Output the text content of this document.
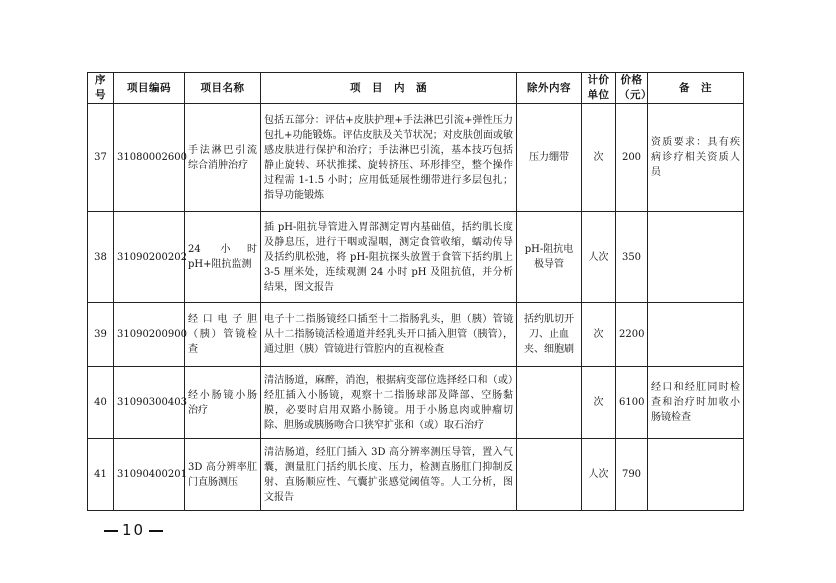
序号	项目编码	项目名称	项　目　内　涵	除外内容	计价单位	价格（元）	备　注
37	31080002600	手法淋巴引流综合消肿治疗	包括五部分：评估+皮肤护理+手法淋巴引流+弹性压力包扎+功能锻炼。评估皮肤及关节状况；对皮肤创面或敏感皮肤进行保护和治疗；手法淋巴引流，基本技巧包括静止旋转、环状推揉、旋转挤压、环形排空，整个操作过程需 1-1.5 小时；应用低延展性绷带进行多层包扎；指导功能锻炼	压力绷带	次	200	资质要求：具有疾病诊疗相关资质人员
38	31090200202	24 小时 pH+阻抗监测	插 pH-阻抗导管进入胃部测定胃内基础值，括约肌长度及静息压，进行干咽或湿咽，测定食管收缩，蠕动传导及括约肌松弛，将 pH-阻抗探头放置于食管下括约肌上 3-5 厘米处，连续观测 24 小时 pH 及阻抗值，并分析结果，图文报告	pH-阻抗电极导管	人次	350	
39	31090200900	经口电子胆（胰）管镜检查	电子十二指肠镜经口插至十二指肠乳头，胆（胰）管镜从十二指肠镜活检通道并经乳头开口插入胆管（胰管），通过胆（胰）管镜进行管腔内的直视检查	括约肌切开刀、止血夹、细胞刷	次	2200	
40	31090300403	经小肠镜小肠治疗	清洁肠道，麻醉，消泡，根据病变部位选择经口和（或）经肛插入小肠镜，观察十二指肠球部及降部、空肠黏膜，必要时启用双路小肠镜。用于小肠息肉或肿瘤切除、胆肠或胰肠吻合口狭窄扩张和（或）取石治疗		次	6100	经口和经肛同时检查和治疗时加收小肠镜检查
41	31090400201	3D 高分辨率肛门直肠测压	清洁肠道，经肛门插入 3D 高分辨率测压导管，置入气囊，测量肛门括约肌长度、压力，检测直肠肛门抑制反射、直肠顺应性、气囊扩张感觉阈值等。人工分析，图文报告		人次	790	
10
